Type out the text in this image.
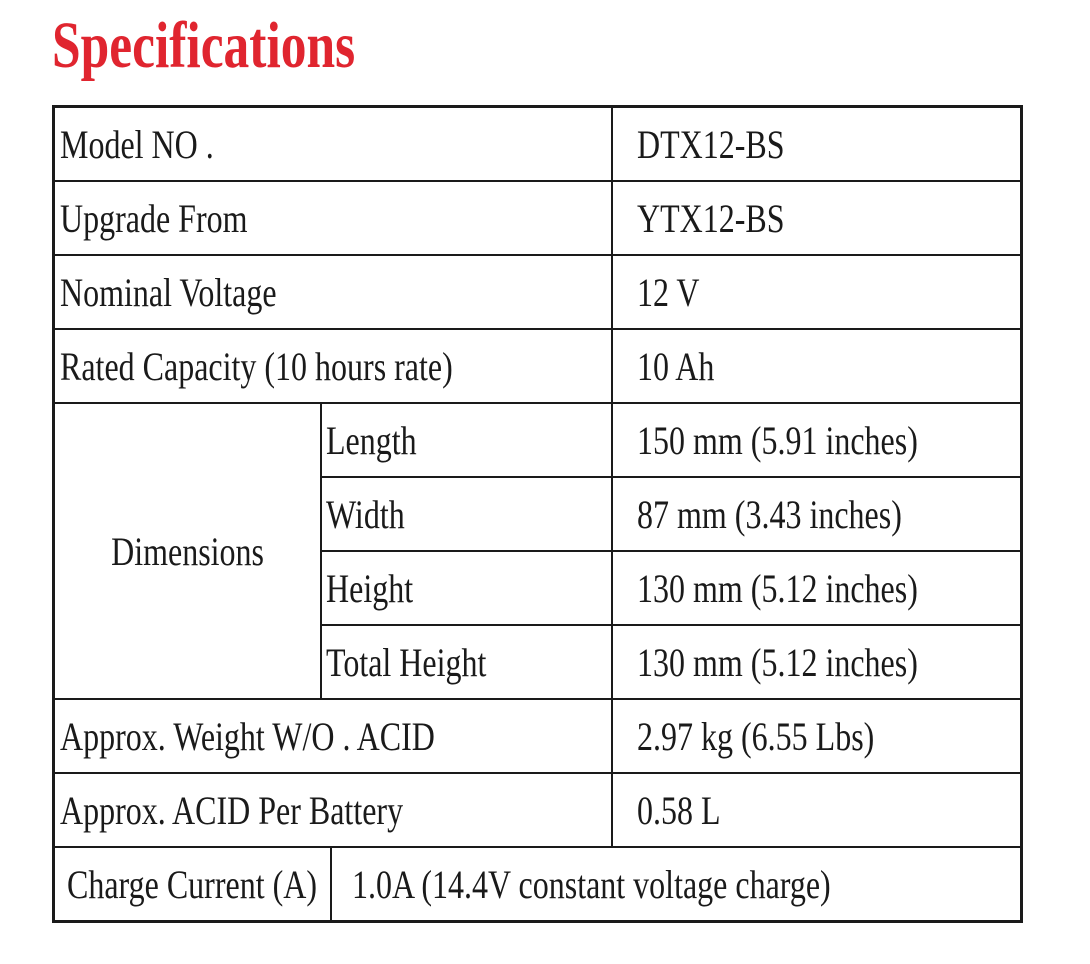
Specifications
Model NO .			DTX12-BS
Upgrade From			YTX12-BS
Nominal Voltage			12 V
Rated Capacity (10 hours rate)			10 Ah
Dimensions	Length		150 mm (5.91 inches)
	Width		87 mm (3.43 inches)
	Height		130 mm (5.12 inches)
	Total Height		130 mm (5.12 inches)
Approx. Weight W/O . ACID			2.97 kg (6.55 Lbs)
Approx. ACID Per Battery			0.58 L
Charge Current (A)		1.0A (14.4V constant voltage charge)	
